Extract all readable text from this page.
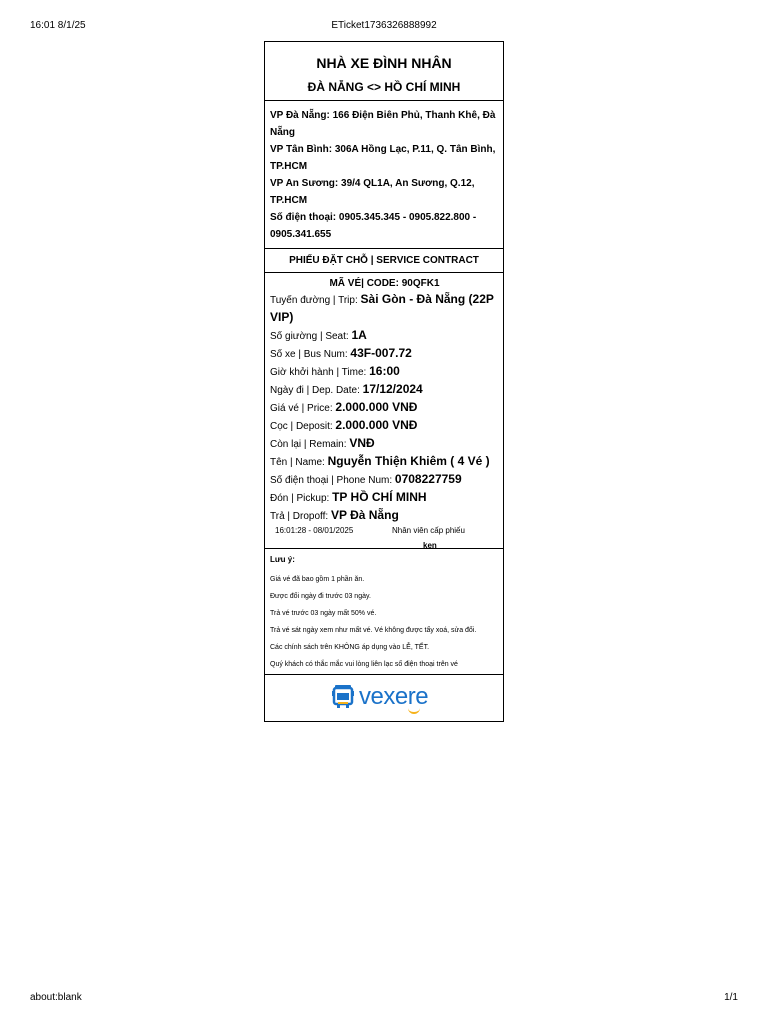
16:01 8/1/25	ETicket1736326888992
NHÀ XE ĐÌNH NHÂN
ĐÀ NẴNG <> HỒ CHÍ MINH
VP Đà Nẵng: 166 Điện Biên Phủ, Thanh Khê, Đà Nẵng
VP Tân Bình: 306A Hồng Lạc, P.11, Q. Tân Bình, TP.HCM
VP An Sương: 39/4 QL1A, An Sương, Q.12, TP.HCM
Số điện thoại: 0905.345.345 - 0905.822.800 - 0905.341.655
PHIẾU ĐẶT CHỖ | SERVICE CONTRACT
MÃ VÉ| CODE: 90QFK1
Tuyến đường | Trip: Sài Gòn - Đà Nẵng (22P VIP)
Số giường | Seat: 1A
Số xe | Bus Num: 43F-007.72
Giờ khởi hành | Time: 16:00
Ngày đi | Dep. Date: 17/12/2024
Giá vé | Price: 2.000.000 VNĐ
Cọc | Deposit: 2.000.000 VNĐ
Còn lại | Remain: VNĐ
Tên | Name: Nguyễn Thiện Khiêm ( 4 Vé )
Số điện thoại | Phone Num: 0708227759
Đón | Pickup: TP HỒ CHÍ MINH
Trả | Dropoff: VP Đà Nẵng
16:01:28 - 08/01/2025	Nhân viên cấp phiếu
ken
Lưu ý:
Giá vé đã bao gồm 1 phần ăn.
Được đổi ngày đi trước 03 ngày.
Trả vé trước 03 ngày mất 50% vé.
Trả vé sát ngày xem như mất vé. Vé không được tẩy xoá, sửa đổi.
Các chính sách trên KHÔNG áp dụng vào LỄ, TẾT.
Quý khách có thắc mắc vui lòng liên lạc số điện thoại trên vé
vexere
about:blank	1/1
